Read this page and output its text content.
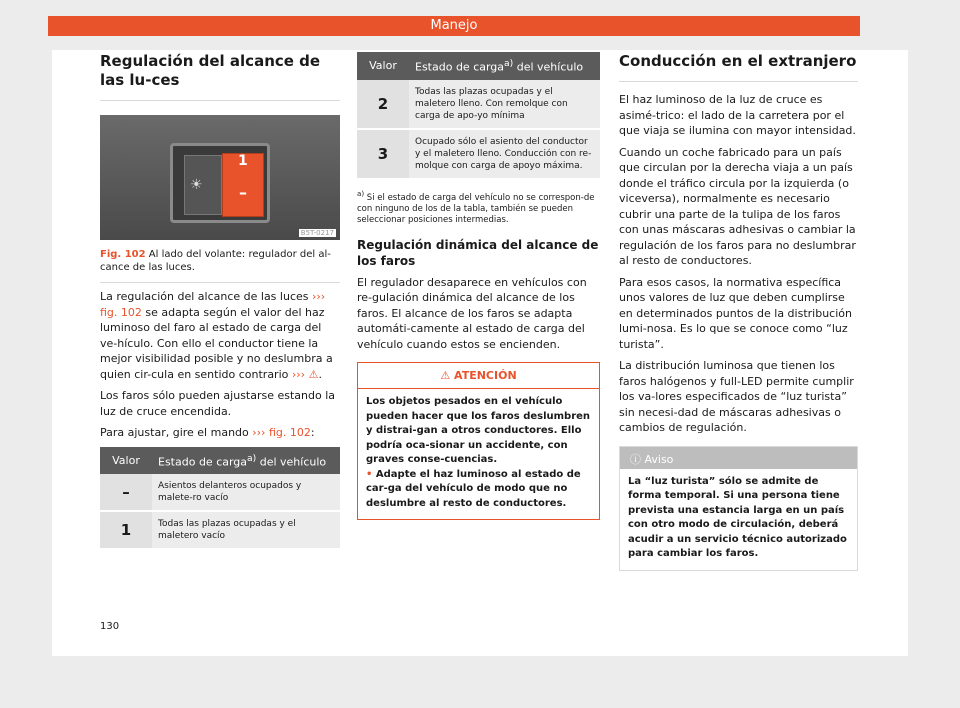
Manejo
Regulación del alcance de las lu-ces
1
–
☀
B5T-0217
Fig. 102 Al lado del volante: regulador del al-cance de las luces.

La regulación del alcance de las luces ››› fig. 102 se adapta según el valor del haz luminoso del faro al estado de carga del ve-hículo. Con ello el conductor tiene la mejor visibilidad posible y no deslumbra a quien cir-cula en sentido contrario ››› ⚠.

Los faros sólo pueden ajustarse estando la luz de cruce encendida.

Para ajustar, gire el mando ››› fig. 102:

Valor	Estado de carga$^{a)}$ del vehículo
–	Asientos delanteros ocupados y malete-ro vacío
1	Todas las plazas ocupadas y el maletero vacío
Valor	Estado de carga$^{a)}$ del vehículo
2	Todas las plazas ocupadas y el maletero lleno. Con remolque con carga de apo-yo mínima
3	Ocupado sólo el asiento del conductor y el maletero lleno. Conducción con re-molque con carga de apoyo máxima.
$^{a)}$ Si el estado de carga del vehículo no se correspon-de con ninguno de los de la tabla, también se pueden seleccionar posiciones intermedias.
Regulación dinámica del alcance de los faros

El regulador desaparece en vehículos con re-gulación dinámica del alcance de los faros. El alcance de los faros se adapta automáti-camente al estado de carga del vehículo cuando estos se encienden.

⚠ ATENCIÓN
Los objetos pesados en el vehículo pueden hacer que los faros deslumbren y distrai-gan a otros conductores. Ello podría oca-sionar un accidente, con graves conse-cuencias.
• Adapte el haz luminoso al estado de car-ga del vehículo de modo que no deslumbre al resto de conductores.
Conducción en el extranjero

El haz luminoso de la luz de cruce es asimé-trico: el lado de la carretera por el que viaja se ilumina con mayor intensidad.

Cuando un coche fabricado para un país que circulan por la derecha viaja a un país donde el tráfico circula por la izquierda (o viceversa), normalmente es necesario cubrir una parte de la tulipa de los faros con unas máscaras adhesivas o cambiar la regulación de los faros para no deslumbrar al resto de conductores.

Para esos casos, la normativa específica unos valores de luz que deben cumplirse en determinados puntos de la distribución lumi-nosa. Es lo que se conoce como “luz turista”.

La distribución luminosa que tienen los faros halógenos y full-LED permite cumplir los va-lores especificados de “luz turista” sin necesi-dad de máscaras adhesivas o cambios de regulación.

ⓘ Aviso
La “luz turista” sólo se admite de forma temporal. Si una persona tiene prevista una estancia larga en un país con otro modo de circulación, deberá acudir a un servicio técnico autorizado para cambiar los faros.
130
